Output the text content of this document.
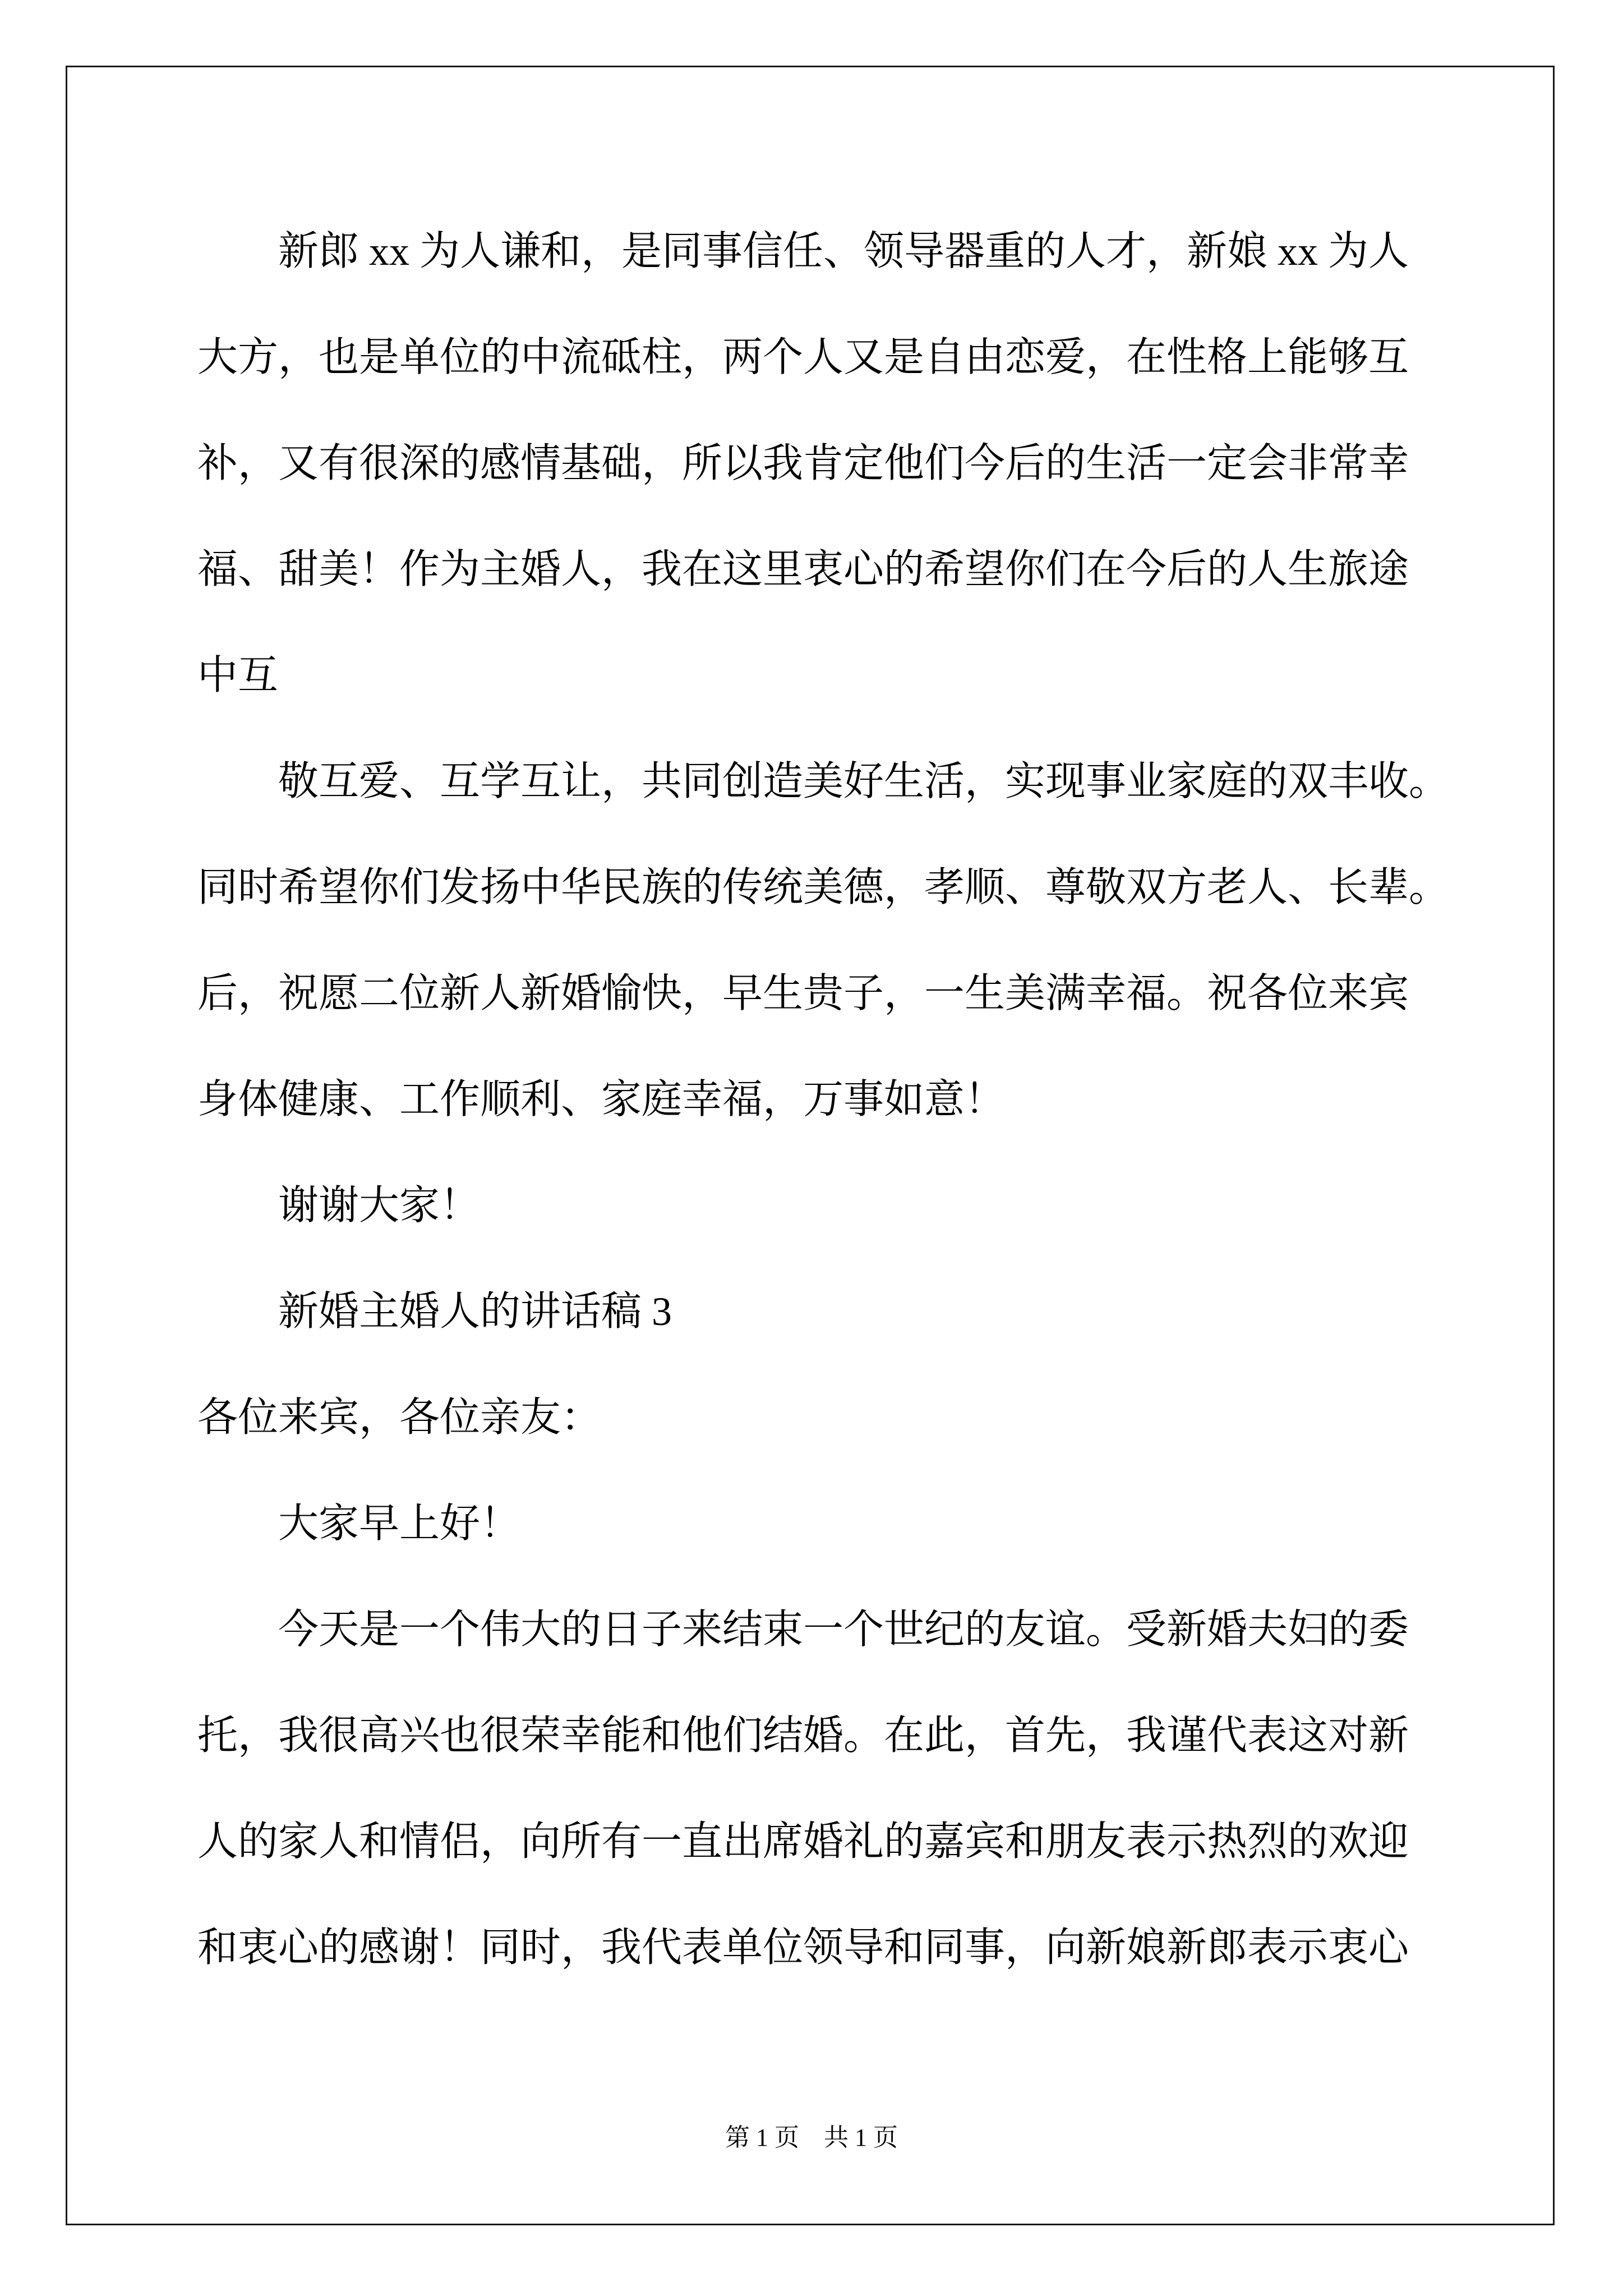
新郎 xx 为人谦和，是同事信任、领导器重的人才，新娘 xx 为人
大方，也是单位的中流砥柱，两个人又是自由恋爱，在性格上能够互
补，又有很深的感情基础，所以我肯定他们今后的生活一定会非常幸
福、甜美！作为主婚人，我在这里衷心的希望你们在今后的人生旅途
中互
敬互爱、互学互让，共同创造美好生活，实现事业家庭的双丰收。
同时希望你们发扬中华民族的传统美德，孝顺、尊敬双方老人、长辈。
后，祝愿二位新人新婚愉快，早生贵子，一生美满幸福。祝各位来宾
身体健康、工作顺利、家庭幸福，万事如意！
谢谢大家！
新婚主婚人的讲话稿 3
各位来宾，各位亲友：
大家早上好！
今天是一个伟大的日子来结束一个世纪的友谊。受新婚夫妇的委
托，我很高兴也很荣幸能和他们结婚。在此，首先，我谨代表这对新
人的家人和情侣，向所有一直出席婚礼的嘉宾和朋友表示热烈的欢迎
和衷心的感谢！同时，我代表单位领导和同事，向新娘新郎表示衷心
第 1 页　共 1 页
